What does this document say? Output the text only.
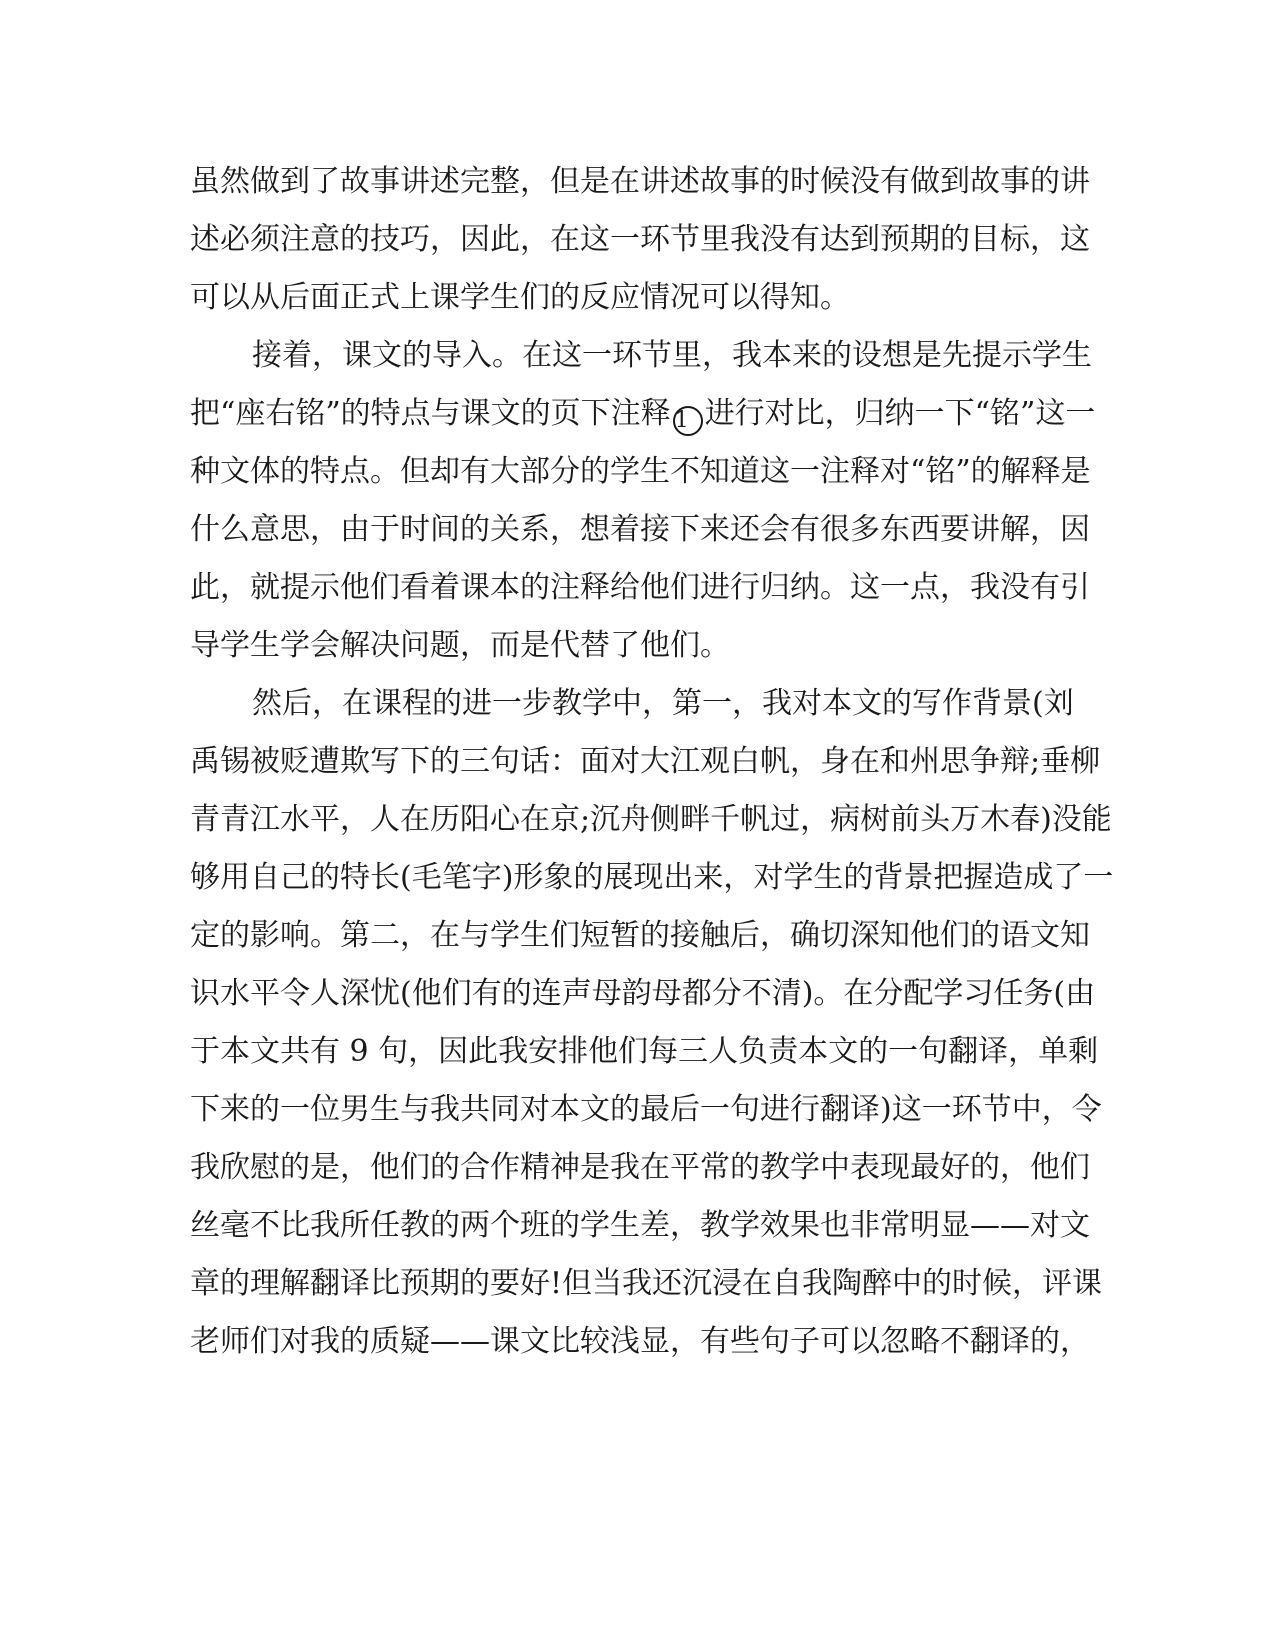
虽然做到了故事讲述完整，但是在讲述故事的时候没有做到故事的讲
述必须注意的技巧，因此，在这一环节里我没有达到预期的目标，这
可以从后面正式上课学生们的反应情况可以得知。
接着，课文的导入。在这一环节里，我本来的设想是先提示学生
把“座右铭”的特点与课文的页下注释 1 进行对比，归纳一下“铭”这一
种文体的特点。但却有大部分的学生不知道这一注释对“铭”的解释是
什么意思，由于时间的关系，想着接下来还会有很多东西要讲解，因
此，就提示他们看着课本的注释给他们进行归纳。这一点，我没有引
导学生学会解决问题，而是代替了他们。
然后，在课程的进一步教学中，第一，我对本文的写作背景(刘
禹锡被贬遭欺写下的三句话：面对大江观白帆，身在和州思争辩;垂柳
青青江水平，人在历阳心在京;沉舟侧畔千帆过，病树前头万木春)没能
够用自己的特长(毛笔字)形象的展现出来，对学生的背景把握造成了一
定的影响。第二，在与学生们短暂的接触后，确切深知他们的语文知
识水平令人深忧(他们有的连声母韵母都分不清)。在分配学习任务(由
于本文共有 9 句，因此我安排他们每三人负责本文的一句翻译，单剩
下来的一位男生与我共同对本文的最后一句进行翻译)这一环节中，令
我欣慰的是，他们的合作精神是我在平常的教学中表现最好的，他们
丝毫不比我所任教的两个班的学生差，教学效果也非常明显——对文
章的理解翻译比预期的要好!但当我还沉浸在自我陶醉中的时候，评课
老师们对我的质疑——课文比较浅显，有些句子可以忽略不翻译的，
